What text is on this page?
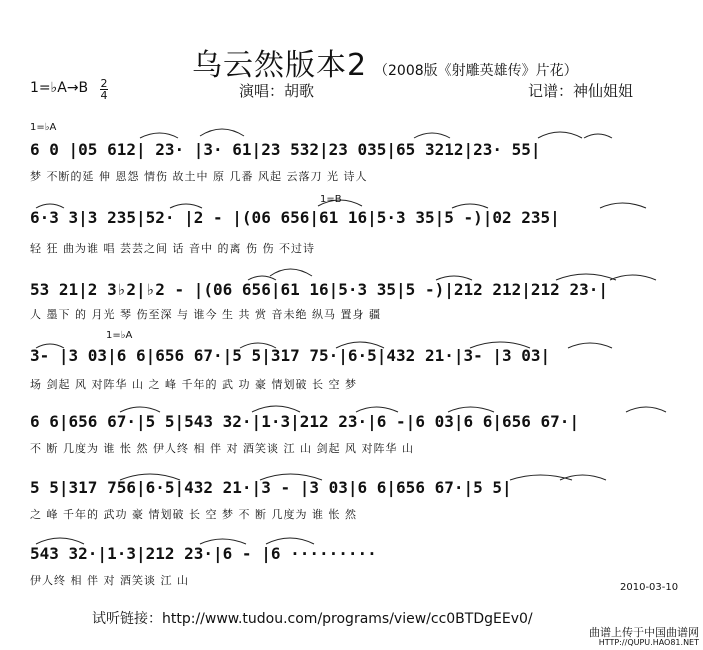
乌云然版本2 （2008版《射雕英雄传》片花）
1=♭A→B 2
4	演唱：胡歌	记谱：神仙姐姐
1=♭A
6 0 |05 612| 23· |3· 61|23 532|23 035|65 3212|23· 55|
梦 不断的延 伸 恩怨 情伤 故土中 原 几番 风起 云落刀 光 诗人
1=B
6·3 3|3 235|52· |2 - |(06 656|61 16|5·3 35|5 -)|02 235|
轻 狂 曲为谁 唱 芸芸之间 话 音中 的离 伤 伤 不过诗
53 21|2 3♭2|♭2 - |(06 656|61 16|5·3 35|5 -)|212 212|212 23·|
人 墨下 的 月光 琴 伤至深 与 谁今 生 共 赏 音未绝 纵马 置身 疆
1=♭A
3- |3 03|6 6|656 67·|5 5|317 75·|6·5|432 21·|3- |3 03|
场 剑起 风 对阵华 山 之 峰 千年的 武 功 豪 情划破 长 空 梦
6 6|656 67·|5 5|543 32·|1·3|212 23·|6 -|6 03|6 6|656 67·|
不 断 几度为 谁 怅 然 伊人终 相 伴 对 酒笑谈 江 山 剑起 风 对阵华 山
5 5|317 756|6·5|432 21·|3 - |3 03|6 6|656 67·|5 5|
之 峰 千年的 武功 豪 情划破 长 空 梦 不 断 几度为 谁 怅 然
543 32·|1·3|212 23·|6 - |6 ·········
伊人终 相 伴 对 酒笑谈 江 山
2010-03-10
试听链接：http://www.tudou.com/programs/view/cc0BTDgEEv0/
曲谱上传于中国曲谱网
HTTP://QUPU.HAO81.NET
